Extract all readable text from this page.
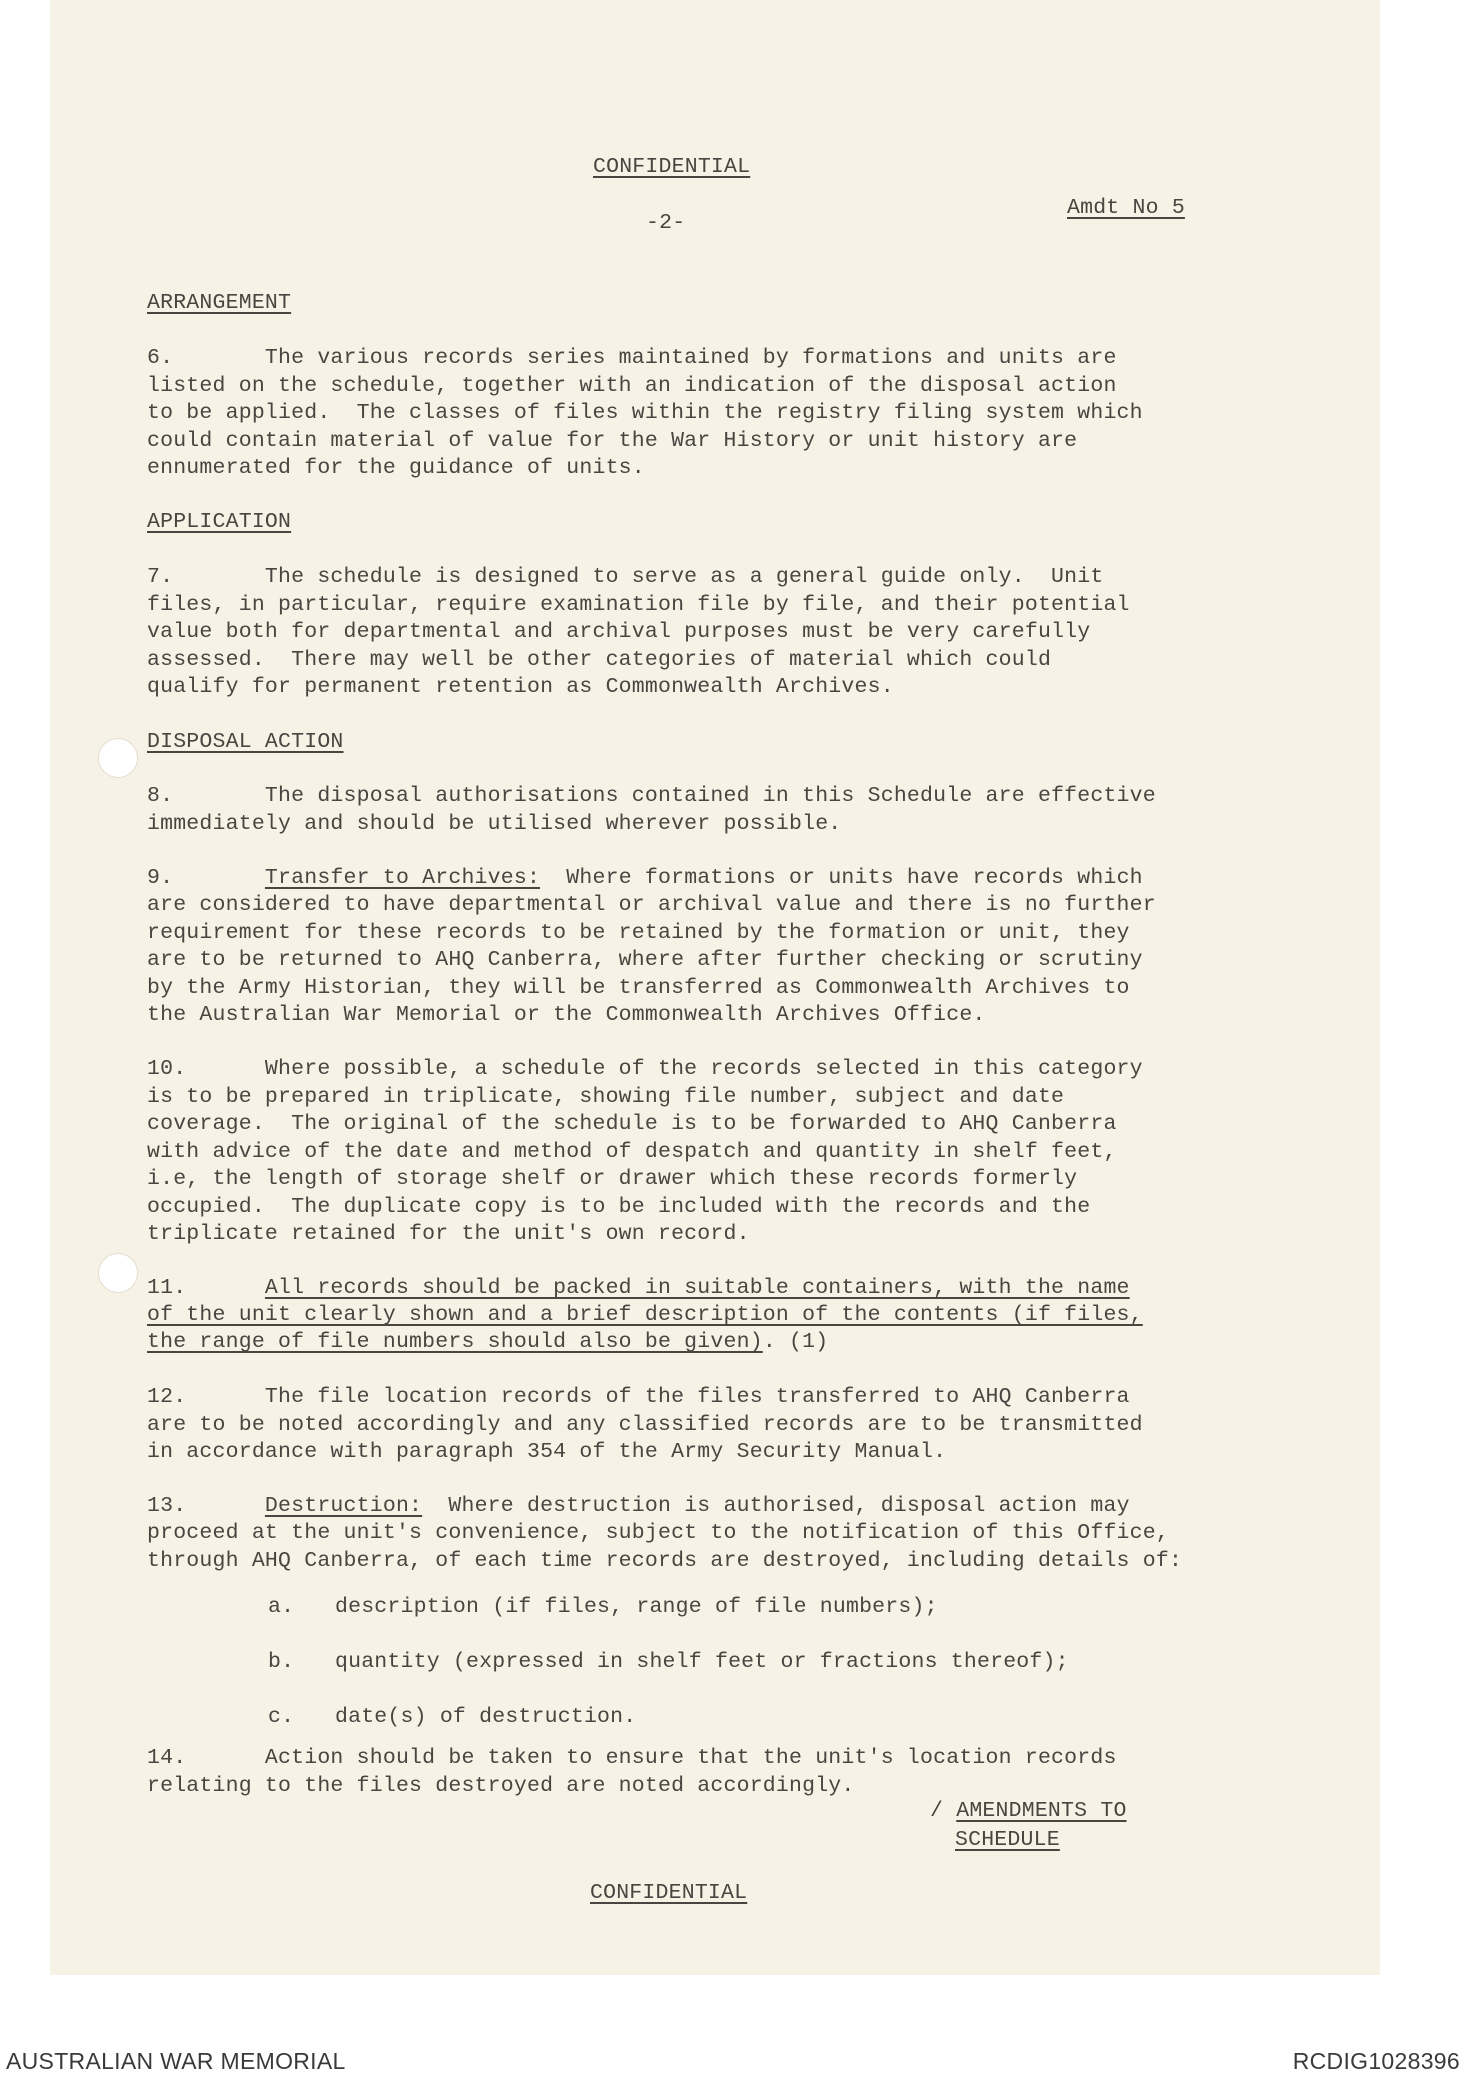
CONFIDENTIAL
-2-
Amdt No 5
ARRANGEMENT
6.       The various records series maintained by formations and units are
listed on the schedule, together with an indication of the disposal action
to be applied.  The classes of files within the registry filing system which
could contain material of value for the War History or unit history are
ennumerated for the guidance of units.
APPLICATION
7.       The schedule is designed to serve as a general guide only.  Unit
files, in particular, require examination file by file, and their potential
value both for departmental and archival purposes must be very carefully
assessed.  There may well be other categories of material which could
qualify for permanent retention as Commonwealth Archives.
DISPOSAL ACTION
8.       The disposal authorisations contained in this Schedule are effective
immediately and should be utilised wherever possible.
9.       Transfer to Archives:  Where formations or units have records which
are considered to have departmental or archival value and there is no further
requirement for these records to be retained by the formation or unit, they
are to be returned to AHQ Canberra, where after further checking or scrutiny
by the Army Historian, they will be transferred as Commonwealth Archives to
the Australian War Memorial or the Commonwealth Archives Office.
10.      Where possible, a schedule of the records selected in this category
is to be prepared in triplicate, showing file number, subject and date
coverage.  The original of the schedule is to be forwarded to AHQ Canberra
with advice of the date and method of despatch and quantity in shelf feet,
i.e, the length of storage shelf or drawer which these records formerly
occupied.  The duplicate copy is to be included with the records and the
triplicate retained for the unit's own record.
11.      All records should be packed in suitable containers, with the name
of the unit clearly shown and a brief description of the contents (if files,
the range of file numbers should also be given). (1)
12.      The file location records of the files transferred to AHQ Canberra
are to be noted accordingly and any classified records are to be transmitted
in accordance with paragraph 354 of the Army Security Manual.
13.      Destruction:  Where destruction is authorised, disposal action may
proceed at the unit's convenience, subject to the notification of this Office,
through AHQ Canberra, of each time records are destroyed, including details of:
a. description (if files, range of file numbers);
b. quantity (expressed in shelf feet or fractions thereof);
c. date(s) of destruction.
14.      Action should be taken to ensure that the unit's location records
relating to the files destroyed are noted accordingly.
/ AMENDMENTS TO
SCHEDULE
CONFIDENTIAL
AUSTRALIAN WAR MEMORIAL	RCDIG1028396
